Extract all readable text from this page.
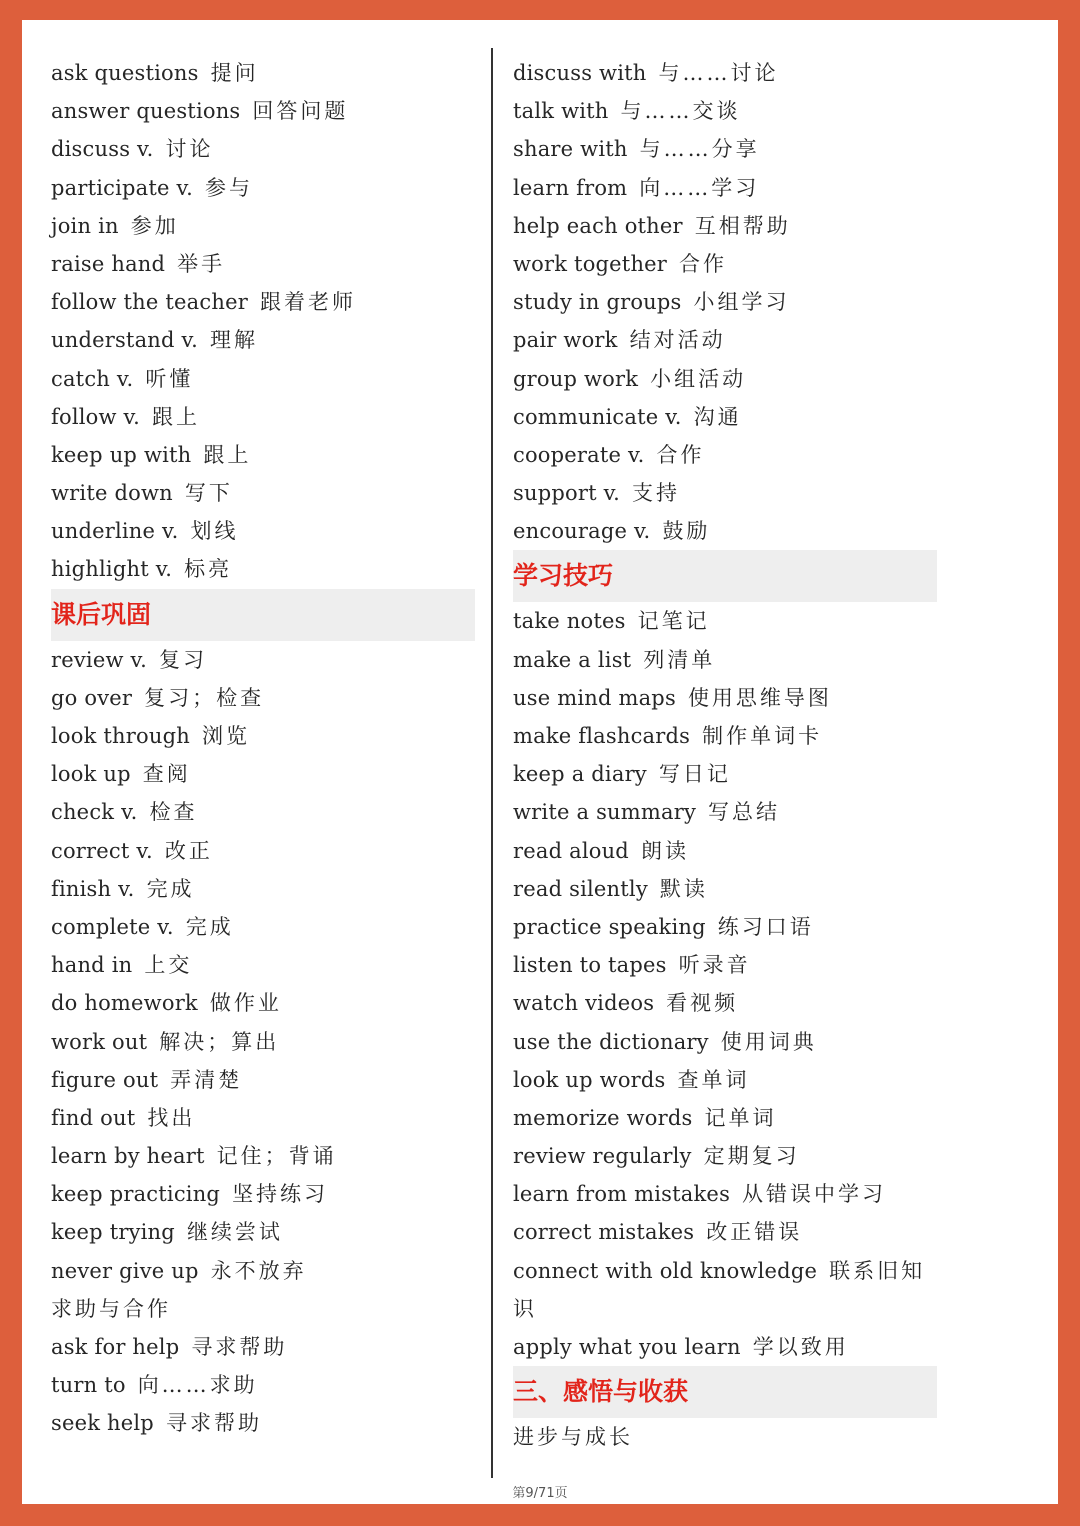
ask questions 提问
answer questions 回答问题
discuss v. 讨论
participate v. 参与
join in 参加
raise hand 举手
follow the teacher 跟着老师
understand v. 理解
catch v. 听懂
follow v. 跟上
keep up with 跟上
write down 写下
underline v. 划线
highlight v. 标亮
课后巩固
review v. 复习
go over 复习；检查
look through 浏览
look up 查阅
check v. 检查
correct v. 改正
finish v. 完成
complete v. 完成
hand in 上交
do homework 做作业
work out 解决；算出
figure out 弄清楚
find out 找出
learn by heart 记住；背诵
keep practicing 坚持练习
keep trying 继续尝试
never give up 永不放弃
求助与合作
ask for help 寻求帮助
turn to 向……求助
seek help 寻求帮助
discuss with 与……讨论
talk with 与……交谈
share with 与……分享
learn from 向……学习
help each other 互相帮助
work together 合作
study in groups 小组学习
pair work 结对活动
group work 小组活动
communicate v. 沟通
cooperate v. 合作
support v. 支持
encourage v. 鼓励
学习技巧
take notes 记笔记
make a list 列清单
use mind maps 使用思维导图
make flashcards 制作单词卡
keep a diary 写日记
write a summary 写总结
read aloud 朗读
read silently 默读
practice speaking 练习口语
listen to tapes 听录音
watch videos 看视频
use the dictionary 使用词典
look up words 查单词
memorize words 记单词
review regularly 定期复习
learn from mistakes 从错误中学习
correct mistakes 改正错误
connect with old knowledge 联系旧知识
apply what you learn 学以致用
三、感悟与收获
进步与成长
第9/71页
